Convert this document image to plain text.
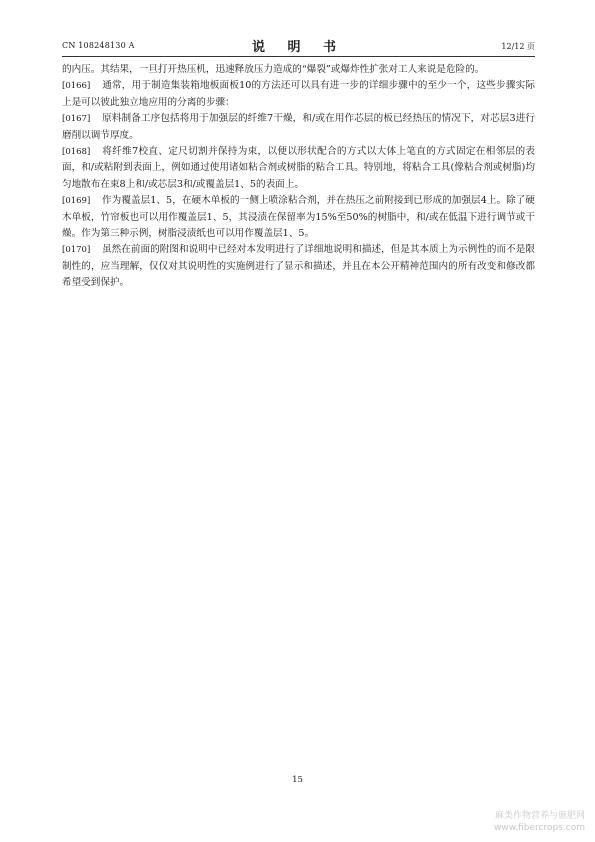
CN 108248130 A	说 明 书	12/12 页

的内压。其结果，一旦打开热压机，迅速释放压力造成的“爆裂”或爆炸性扩张对工人来说是危险的。

[0166] 通常，用于制造集装箱地板面板10的方法还可以具有进一步的详细步骤中的至少一个，这些步骤实际上是可以彼此独立地应用的分离的步骤：

[0167] 原料制备工序包括将用于加强层的纤维7干燥，和/或在用作芯层的板已经热压的情况下，对芯层3进行磨削以调节厚度。

[0168] 将纤维7校直、定尺切割并保持为束，以便以形状配合的方式以大体上笔直的方式固定在相邻层的表面，和/或粘附到表面上，例如通过使用诸如粘合剂或树脂的粘合工具。特别地，将粘合工具(像粘合剂或树脂)均匀地散布在束8上和/或芯层3和/或覆盖层1、5的表面上。

[0169] 作为覆盖层1、5，在硬木单板的一侧上喷涂粘合剂，并在热压之前附接到已形成的加强层4上。除了硬木单板，竹帘板也可以用作覆盖层1、5，其浸渍在保留率为15%至50%的树脂中，和/或在低温下进行调节或干燥。作为第三种示例，树脂浸渍纸也可以用作覆盖层1、5。

[0170] 虽然在前面的附图和说明中已经对本发明进行了详细地说明和描述，但是其本质上为示例性的而不是限制性的，应当理解，仅仅对其说明性的实施例进行了显示和描述，并且在本公开精神范围内的所有改变和修改都希望受到保护。

15
麻类作物营养与施肥网
www.fibercrops.com
